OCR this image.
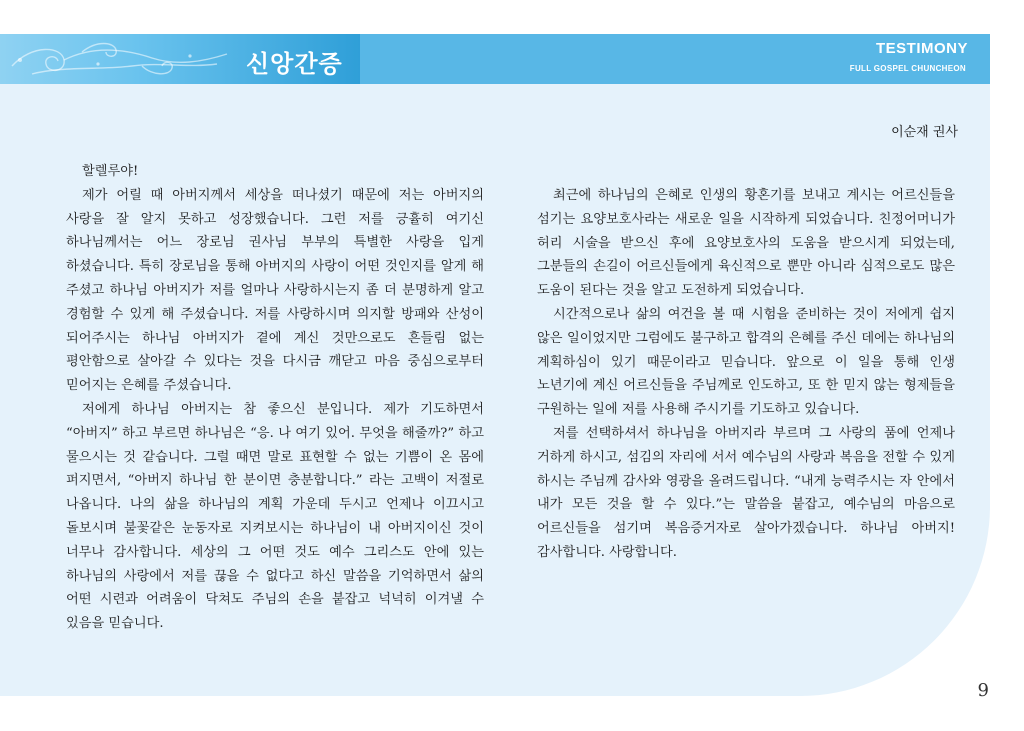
신앙간증
TESTIMONY
FULL GOSPEL CHUNCHEON
이순재 권사

할렐루야!

제가 어릴 때 아버지께서 세상을 떠나셨기 때문에 저는 아버지의 사랑을 잘 알지 못하고 성장했습니다. 그런 저를 긍휼히 여기신 하나님께서는 어느 장로님 권사님 부부의 특별한 사랑을 입게 하셨습니다. 특히 장로님을 통해 아버지의 사랑이 어떤 것인지를 알게 해 주셨고 하나님 아버지가 저를 얼마나 사랑하시는지 좀 더 분명하게 알고 경험할 수 있게 해 주셨습니다. 저를 사랑하시며 의지할 방패와 산성이 되어주시는 하나님 아버지가 곁에 계신 것만으로도 흔들림 없는 평안함으로 살아갈 수 있다는 것을 다시금 깨닫고 마음 중심으로부터 믿어지는 은혜를 주셨습니다.

저에게 하나님 아버지는 참 좋으신 분입니다. 제가 기도하면서 “아버지” 하고 부르면 하나님은 “응. 나 여기 있어. 무엇을 해줄까?” 하고 물으시는 것 같습니다. 그럴 때면 말로 표현할 수 없는 기쁨이 온 몸에 퍼지면서, “아버지 하나님 한 분이면 충분합니다.” 라는 고백이 저절로 나옵니다. 나의 삶을 하나님의 계획 가운데 두시고 언제나 이끄시고 돌보시며 불꽃같은 눈동자로 지켜보시는 하나님이 내 아버지이신 것이 너무나 감사합니다. 세상의 그 어떤 것도 예수 그리스도 안에 있는 하나님의 사랑에서 저를 끊을 수 없다고 하신 말씀을 기억하면서 삶의 어떤 시련과 어려움이 닥쳐도 주님의 손을 붙잡고 넉넉히 이겨낼 수 있음을 믿습니다.

최근에 하나님의 은혜로 인생의 황혼기를 보내고 계시는 어르신들을 섬기는 요양보호사라는 새로운 일을 시작하게 되었습니다. 친정어머니가 허리 시술을 받으신 후에 요양보호사의 도움을 받으시게 되었는데, 그분들의 손길이 어르신들에게 육신적으로 뿐만 아니라 심적으로도 많은 도움이 된다는 것을 알고 도전하게 되었습니다.

시간적으로나 삶의 여건을 볼 때 시험을 준비하는 것이 저에게 쉽지 않은 일이었지만 그럼에도 불구하고 합격의 은혜를 주신 데에는 하나님의 계획하심이 있기 때문이라고 믿습니다. 앞으로 이 일을 통해 인생 노년기에 계신 어르신들을 주님께로 인도하고, 또 한 믿지 않는 형제들을 구원하는 일에 저를 사용해 주시기를 기도하고 있습니다.

저를 선택하셔서 하나님을 아버지라 부르며 그 사랑의 품에 언제나 거하게 하시고, 섬김의 자리에 서서 예수님의 사랑과 복음을 전할 수 있게 하시는 주님께 감사와 영광을 올려드립니다. “내게 능력주시는 자 안에서 내가 모든 것을 할 수 있다.”는 말씀을 붙잡고, 예수님의 마음으로 어르신들을 섬기며 복음증거자로 살아가겠습니다. 하나님 아버지! 감사합니다. 사랑합니다.

9
